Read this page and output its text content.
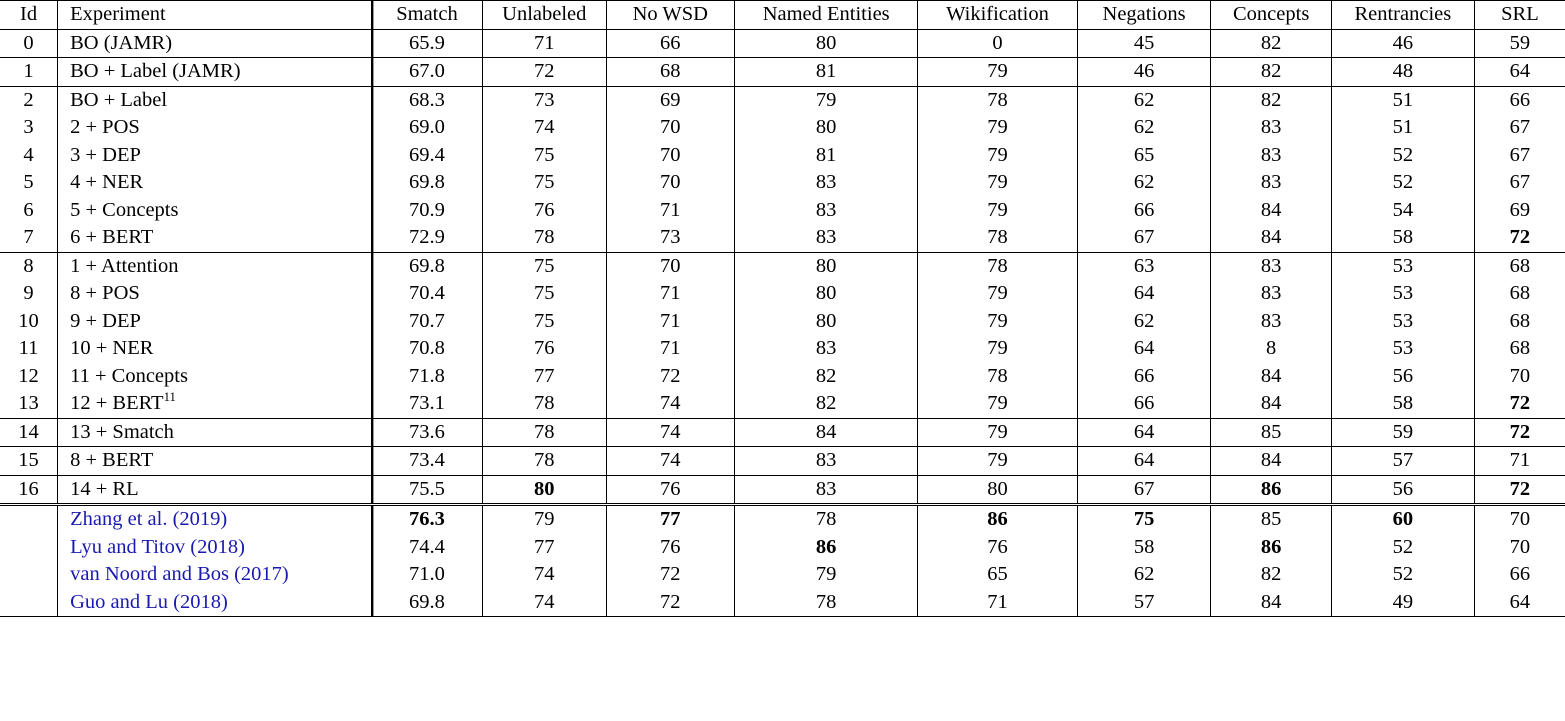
Id	Experiment	Smatch	Unlabeled	No WSD	Named Entities	Wikification	Negations	Concepts	Rentrancies	SRL
0	BO (JAMR)	65.9	71	66	80	0	45	82	46	59
1	BO + Label (JAMR)	67.0	72	68	81	79	46	82	48	64
2	BO + Label	68.3	73	69	79	78	62	82	51	66
3	2 + POS	69.0	74	70	80	79	62	83	51	67
4	3 + DEP	69.4	75	70	81	79	65	83	52	67
5	4 + NER	69.8	75	70	83	79	62	83	52	67
6	5 + Concepts	70.9	76	71	83	79	66	84	54	69
7	6 + BERT	72.9	78	73	83	78	67	84	58	72
8	1 + Attention	69.8	75	70	80	78	63	83	53	68
9	8 + POS	70.4	75	71	80	79	64	83	53	68
10	9 + DEP	70.7	75	71	80	79	62	83	53	68
11	10 + NER	70.8	76	71	83	79	64	8	53	68
12	11 + Concepts	71.8	77	72	82	78	66	84	56	70
13	$12 + BERT^{11}$	73.1	78	74	82	79	66	84	58	72
14	13 + Smatch	73.6	78	74	84	79	64	85	59	72
15	8 + BERT	73.4	78	74	83	79	64	84	57	71
16	14 + RL	75.5	80	76	83	80	67	86	56	72
	Zhang et al. (2019)	76.3	79	77	78	86	75	85	60	70
	Lyu and Titov (2018)	74.4	77	76	86	76	58	86	52	70
	van Noord and Bos (2017)	71.0	74	72	79	65	62	82	52	66
	Guo and Lu (2018)	69.8	74	72	78	71	57	84	49	64
